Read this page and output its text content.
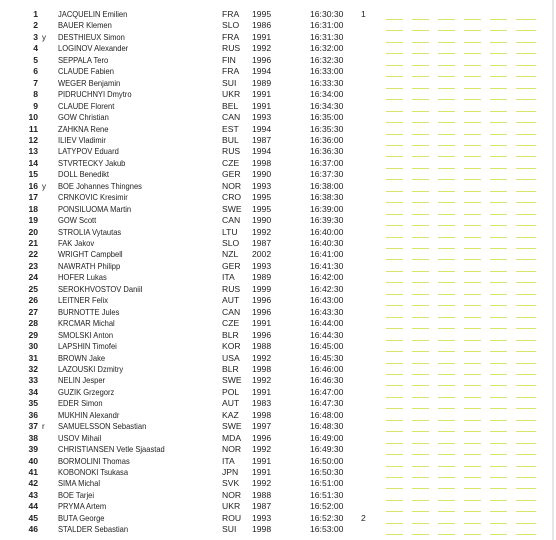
1 JACQUELIN Emilien	FRA	1995	16:30:30	1
2 BAUER Klemen	SLO	1986	16:31:00
3 y	DESTHIEUX Simon	FRA	1991	16:31:30
4 LOGINOV Alexander	RUS	1992	16:32:00
5 SEPPALA Tero	FIN	1996	16:32:30
6 CLAUDE Fabien	FRA	1994	16:33:00
7 WEGER Benjamin	SUI	1989	16:33:30
8 PIDRUCHNYI Dmytro	UKR	1991	16:34:00
9 CLAUDE Florent	BEL	1991	16:34:30
10 GOW Christian	CAN	1993	16:35:00
11 ZAHKNA Rene	EST	1994	16:35:30
12 ILIEV Vladimir	BUL	1987	16:36:00
13 LATYPOV Eduard	RUS	1994	16:36:30
14 STVRTECKY Jakub	CZE	1998	16:37:00
15 DOLL Benedikt	GER	1990	16:37:30
16 y	BOE Johannes Thingnes	NOR	1993	16:38:00
17 CRNKOVIC Kresimir	CRO	1995	16:38:30
18 PONSILUOMA Martin	SWE	1995	16:39:00
19 GOW Scott	CAN	1990	16:39:30
20 STROLIA Vytautas	LTU	1992	16:40:00
21 FAK Jakov	SLO	1987	16:40:30
22 WRIGHT Campbell	NZL	2002	16:41:00
23 NAWRATH Philipp	GER	1993	16:41:30
24 HOFER Lukas	ITA	1989	16:42:00
25 SEROKHVOSTOV Daniil	RUS	1999	16:42:30
26 LEITNER Felix	AUT	1996	16:43:00
27 BURNOTTE Jules	CAN	1996	16:43:30
28 KRCMAR Michal	CZE	1991	16:44:00
29 SMOLSKI Anton	BLR	1996	16:44:30
30 LAPSHIN Timofei	KOR	1988	16:45:00
31 BROWN Jake	USA	1992	16:45:30
32 LAZOUSKI Dzmitry	BLR	1998	16:46:00
33 NELIN Jesper	SWE	1992	16:46:30
34 GUZIK Grzegorz	POL	1991	16:47:00
35 EDER Simon	AUT	1983	16:47:30
36 MUKHIN Alexandr	KAZ	1998	16:48:00
37 r	SAMUELSSON Sebastian	SWE	1997	16:48:30
38 USOV Mihail	MDA	1996	16:49:00
39 CHRISTIANSEN Vetle Sjaastad	NOR	1992	16:49:30
40 BORMOLINI Thomas	ITA	1991	16:50:00
41 KOBONOKI Tsukasa	JPN	1991	16:50:30
42 SIMA Michal	SVK	1992	16:51:00
43 BOE Tarjei	NOR	1988	16:51:30
44 PRYMA Artem	UKR	1987	16:52:00
45 BUTA George	ROU	1993	16:52:30	2
46 STALDER Sebastian	SUI	1998	16:53:00
